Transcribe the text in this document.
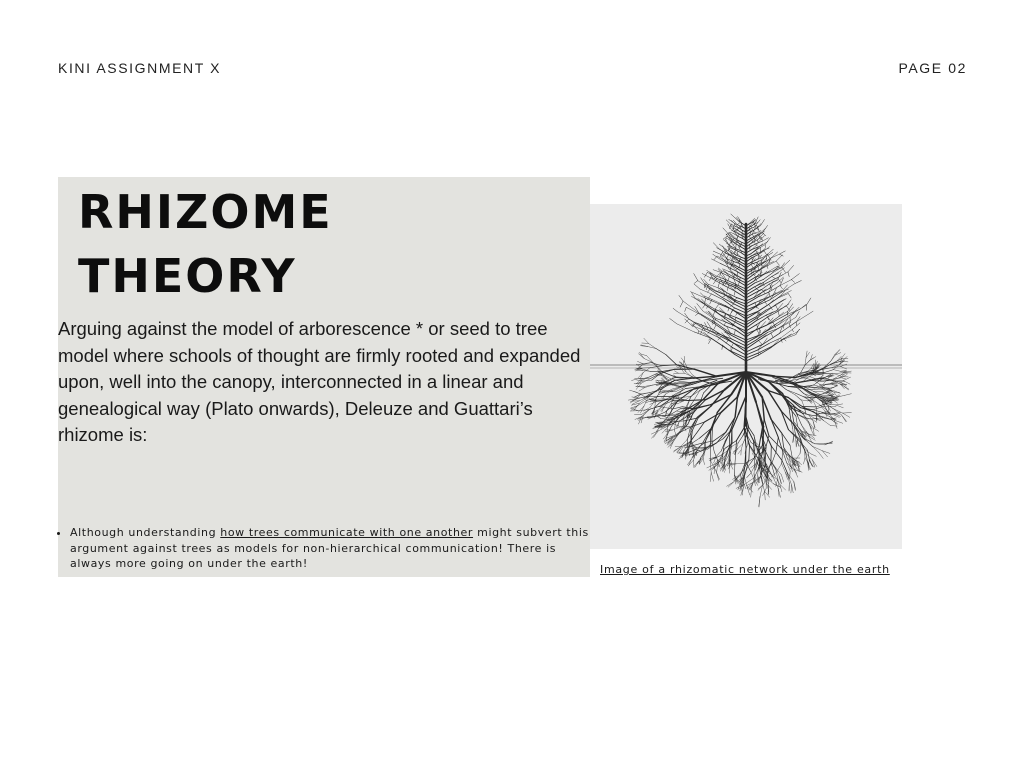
KINI ASSIGNMENT X	PAGE 02
RHIZOME
THEORY

Arguing against the model of arborescence * or seed to tree model where schools of thought are firmly rooted and expanded upon, well into the canopy, interconnected in a linear and genealogical way (Plato onwards), Deleuze and Guattari’s rhizome is:

• Although understanding how trees communicate with one another might subvert this argument against trees as models for non-hierarchical communication! There is always more going on under the earth!	Image of a rhizomatic network under the earth
